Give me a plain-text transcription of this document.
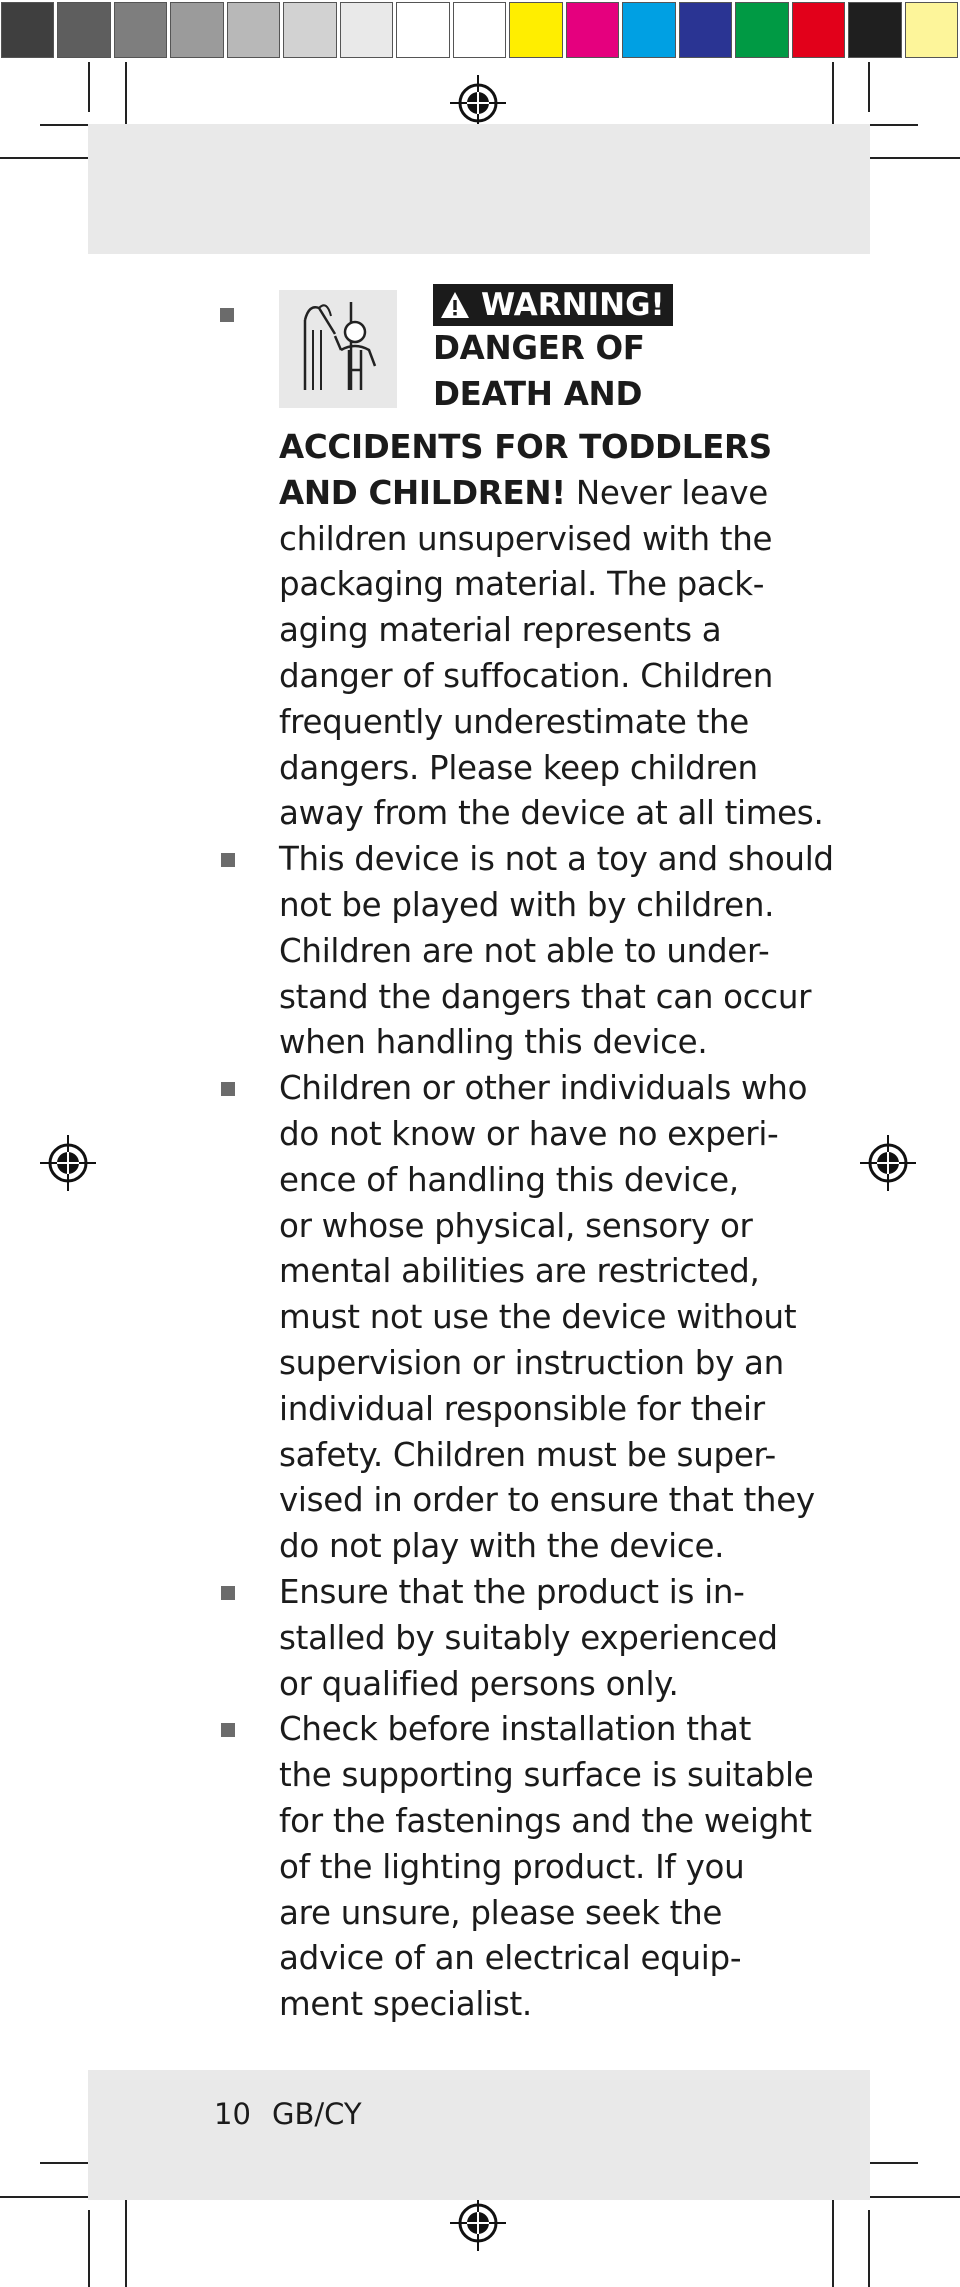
WARNING!
DANGER OF
DEATH AND

ACCIDENTS FOR TODDLERS
AND CHILDREN! Never leave
children unsupervised with the
packaging material. The pack-
aging material represents a
danger of suffocation. Children
frequently underestimate the
dangers. Please keep children
away from the device at all times.

This device is not a toy and should
not be played with by children.
Children are not able to under-
stand the dangers that can occur
when handling this device.
Children or other individuals who
do not know or have no experi-
ence of handling this device,
or whose physical, sensory or
mental abilities are restricted,
must not use the device without
supervision or instruction by an
individual responsible for their
safety. Children must be super-
vised in order to ensure that they
do not play with the device.
Ensure that the product is in-
stalled by suitably experienced
or qualified persons only.
Check before installation that
the supporting surface is suitable
for the fastenings and the weight
of the lighting product. If you
are unsure, please seek the
advice of an electrical equip-
ment specialist.
10 GB/CY
